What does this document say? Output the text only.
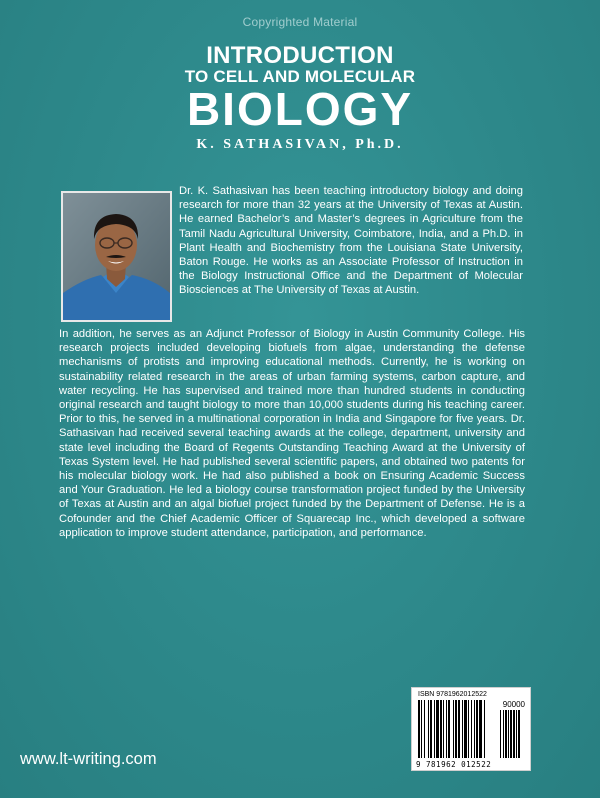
Copyrighted Material
INTRODUCTION
TO CELL AND MOLECULAR
BIOLOGY
K. SATHASIVAN, Ph.D.
Dr. K. Sathasivan has been teaching introductory biology and doing research for more than 32 years at the University of Texas at Austin. He earned Bachelor’s and Master’s degrees in Agriculture from the Tamil Nadu Agricultural University, Coimbatore, India, and a Ph.D. in Plant Health and Biochemistry from the Louisiana State University, Baton Rouge. He works as an Associate Professor of Instruction in the Biology Instructional Office and the Department of Molecular Biosciences at The University of Texas at Austin.
In addition, he serves as an Adjunct Professor of Biology in Austin Community College. His research projects included developing biofuels from algae, understanding the defense mechanisms of protists and improving educational methods. Currently, he is working on sustainability related research in the areas of urban farming systems, carbon capture, and water recycling. He has supervised and trained more than hundred students in conducting original research and taught biology to more than 10,000 students during his teaching career. Prior to this, he served in a multinational corporation in India and Singapore for five years. Dr. Sathasivan had received several teaching awards at the college, department, university and state level including the Board of Regents Outstanding Teaching Award at the University of Texas System level. He had published several scientific papers, and obtained two patents for his molecular biology work. He had also published a book on Ensuring Academic Success and Your Graduation. He led a biology course transformation project funded by the University of Texas at Austin and an algal biofuel project funded by the Department of Defense. He is a Cofounder and the Chief Academic Officer of Squarecap Inc., which developed a software application to improve student attendance, participation, and performance.
ISBN 9781962012522
90000
9 781962 012522
www.lt-writing.com
